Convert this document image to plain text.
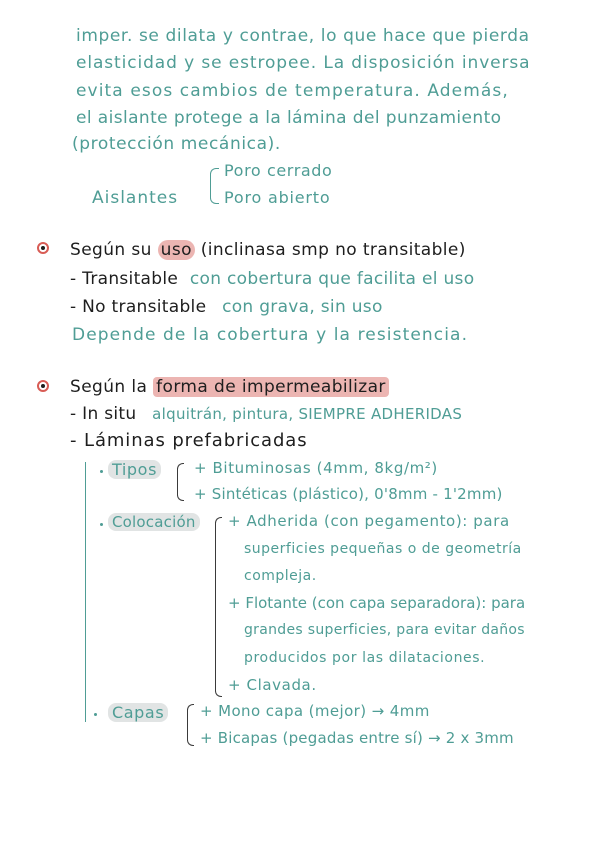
imper. se dilata y contrae, lo que hace que pierda
elasticidad y se estropee. La disposición inversa
evita esos cambios de temperatura. Además,
el aislante protege a la lámina del punzamiento
(protección mecánica).
Poro cerrado
Aislantes	Poro abierto
Según su uso (inclinasa smp no transitable)
- Transitable con cobertura que facilita el uso
- No transitable con grava, sin uso
Depende de la cobertura y la resistencia.
Según la forma de impermeabilizar
- In situ alquitrán, pintura, SIEMPRE ADHERIDAS
- Láminas prefabricadas
Tipos + Bituminosas (4mm, 8kg/m²)
+ Sintéticas (plástico), 0'8mm - 1'2mm)
Colocación + Adherida (con pegamento): para
superficies pequeñas o de geometría
compleja.
+ Flotante (con capa separadora): para
grandes superficies, para evitar daños
producidos por las dilataciones.
+ Clavada.
Capas + Mono capa (mejor) → 4mm
+ Bicapas (pegadas entre sí) → 2 x 3mm
